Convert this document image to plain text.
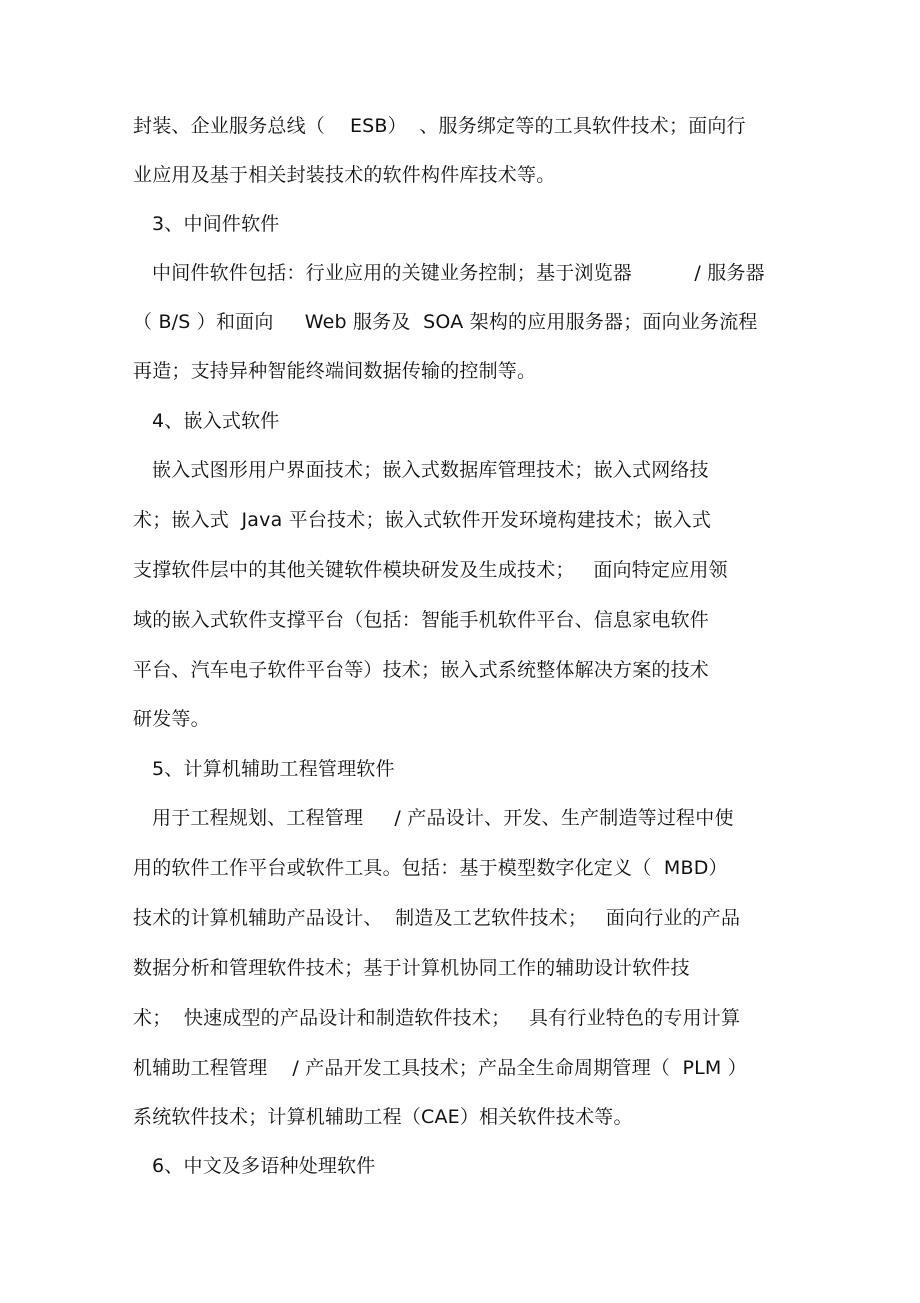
封装、企业服务总线（    ESB）  、服务绑定等的工具软件技术；面向行
业应用及基于相关封装技术的软件构件库技术等。
3、中间件软件
中间件软件包括：行业应用的关键业务控制；基于浏览器          / 服务器
（ B/S ）和面向     Web 服务及  SOA 架构的应用服务器；面向业务流程
再造；支持异种智能终端间数据传输的控制等。
4、嵌入式软件
嵌入式图形用户界面技术；嵌入式数据库管理技术；嵌入式网络技
术；嵌入式  Java 平台技术；嵌入式软件开发环境构建技术；嵌入式
支撑软件层中的其他关键软件模块研发及生成技术；   面向特定应用领
域的嵌入式软件支撑平台（包括：智能手机软件平台、信息家电软件
平台、汽车电子软件平台等）技术；嵌入式系统整体解决方案的技术
研发等。
5、计算机辅助工程管理软件
用于工程规划、工程管理     / 产品设计、开发、生产制造等过程中使
用的软件工作平台或软件工具。包括：基于模型数字化定义（  MBD）
技术的计算机辅助产品设计、  制造及工艺软件技术；   面向行业的产品
数据分析和管理软件技术；基于计算机协同工作的辅助设计软件技
术；  快速成型的产品设计和制造软件技术；   具有行业特色的专用计算
机辅助工程管理    / 产品开发工具技术；产品全生命周期管理（  PLM ）
系统软件技术；计算机辅助工程（CAE）相关软件技术等。
6、中文及多语种处理软件
